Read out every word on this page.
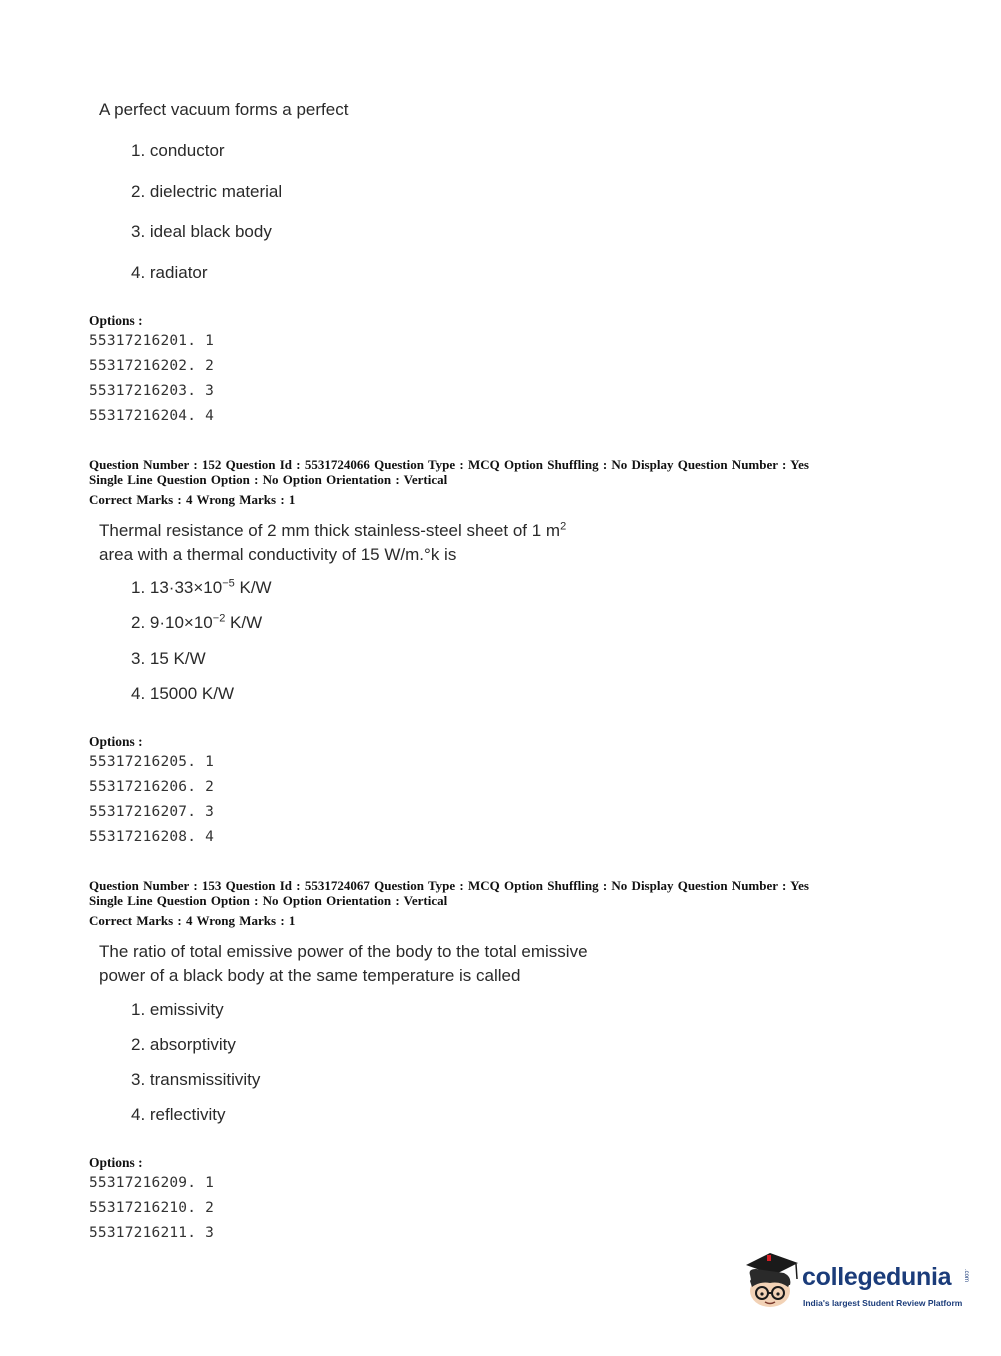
A perfect vacuum forms a perfect
1. conductor
2. dielectric material
3. ideal black body
4. radiator
Options :
55317216201. 1
55317216202. 2
55317216203. 3
55317216204. 4
Question Number : 152 Question Id : 5531724066 Question Type : MCQ Option Shuffling : No Display Question Number : Yes
Single Line Question Option : No Option Orientation : Vertical
Correct Marks : 4 Wrong Marks : 1
Thermal resistance of 2 mm thick stainless-steel sheet of 1 $m^2$
area with a thermal conductivity of 15 W/m.°k is
1. $13\cdot 33\times 10^{-5}$ K/W
2. $9\cdot 10\times 10^{-2}$ K/W
3. 15 K/W
4. 15000 K/W
Options :
55317216205. 1
55317216206. 2
55317216207. 3
55317216208. 4
Question Number : 153 Question Id : 5531724067 Question Type : MCQ Option Shuffling : No Display Question Number : Yes
Single Line Question Option : No Option Orientation : Vertical
Correct Marks : 4 Wrong Marks : 1
The ratio of total emissive power of the body to the total emissive
power of a black body at the same temperature is called
1. emissivity
2. absorptivity
3. transmissitivity
4. reflectivity
Options :
55317216209. 1
55317216210. 2
55317216211. 3
collegedunia .com
India's largest Student Review Platform
